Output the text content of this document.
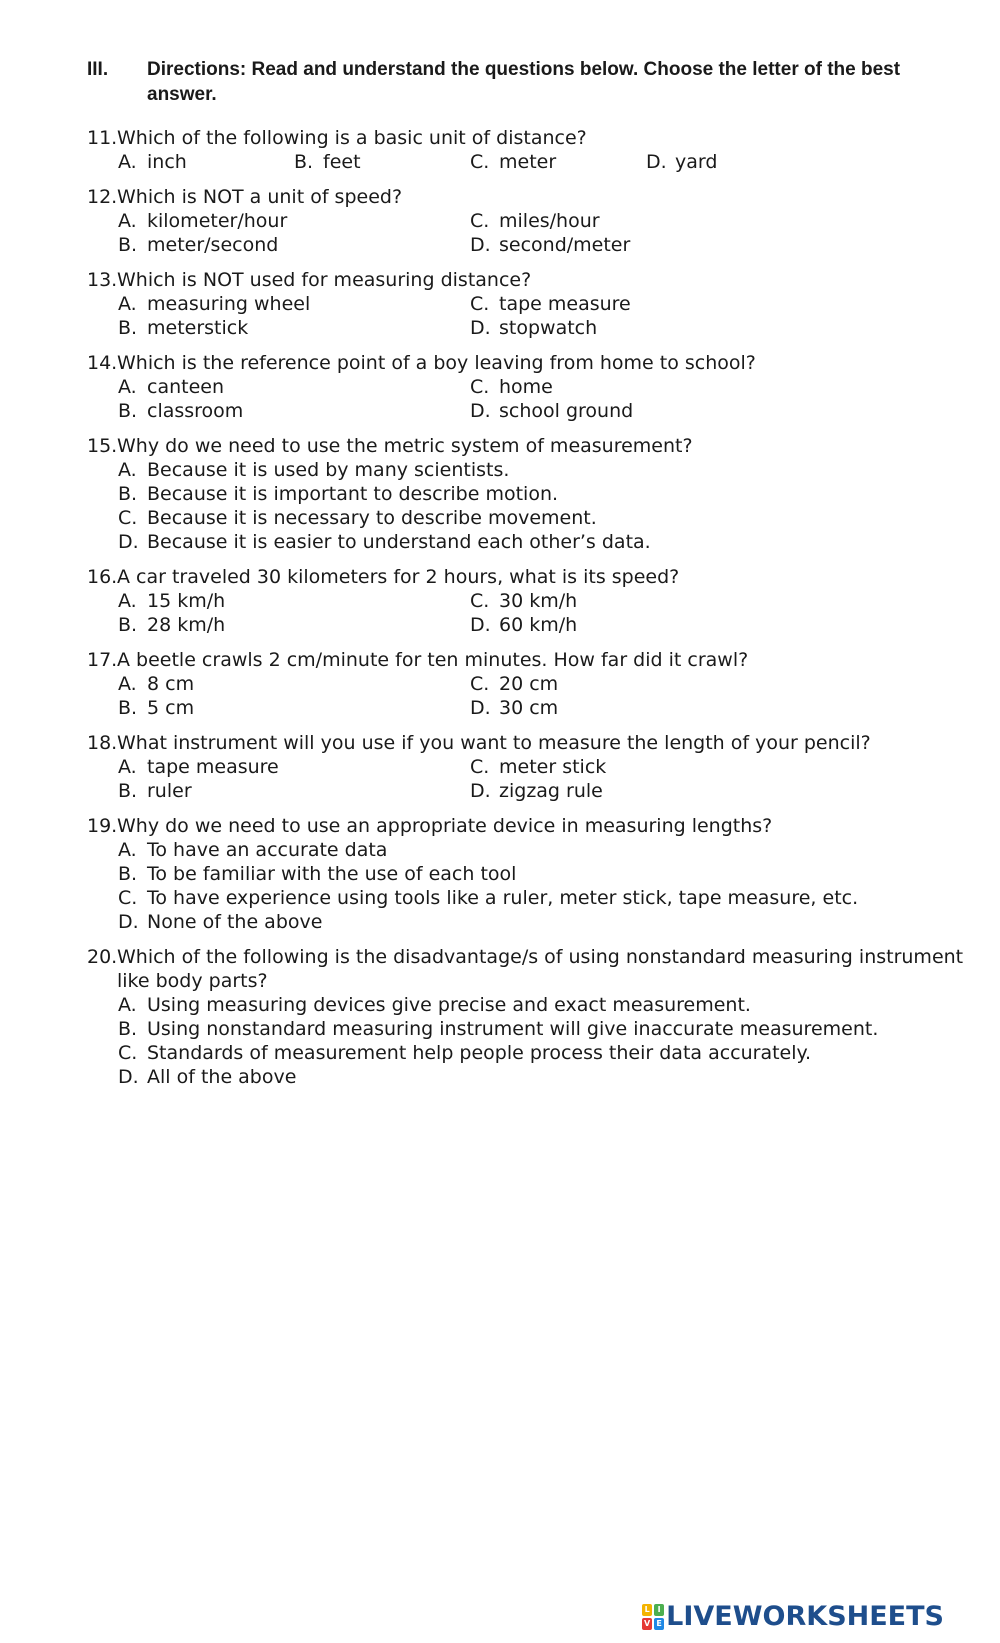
III. Directions: Read and understand the questions below. Choose the letter of the best answer.
11. Which of the following is a basic unit of distance?
A. inch	B. feet	C. meter	D. yard
12. Which is NOT a unit of speed?
A. kilometer/hour	C. miles/hour
B. meter/second	D. second/meter
13. Which is NOT used for measuring distance?
A. measuring wheel	C. tape measure
B. meterstick	D. stopwatch
14. Which is the reference point of a boy leaving from home to school?
A. canteen	C. home
B. classroom	D. school ground
15. Why do we need to use the metric system of measurement?
A. Because it is used by many scientists.
B. Because it is important to describe motion.
C. Because it is necessary to describe movement.
D. Because it is easier to understand each other’s data.
16. A car traveled 30 kilometers for 2 hours, what is its speed?
A. 15 km/h	C. 30 km/h
B. 28 km/h	D. 60 km/h
17. A beetle crawls 2 cm/minute for ten minutes. How far did it crawl?
A. 8 cm	C. 20 cm
B. 5 cm	D. 30 cm
18. What instrument will you use if you want to measure the length of your pencil?
A. tape measure	C. meter stick
B. ruler	D. zigzag rule
19. Why do we need to use an appropriate device in measuring lengths?
A. To have an accurate data
B. To be familiar with the use of each tool
C. To have experience using tools like a ruler, meter stick, tape measure, etc.
D. None of the above
20. Which of the following is the disadvantage/s of using nonstandard measuring instrument like body parts?
A. Using measuring devices give precise and exact measurement.
B. Using nonstandard measuring instrument will give inaccurate measurement.
C. Standards of measurement help people process their data accurately.
D. All of the above
L I
V E LIVEWORKSHEETS
